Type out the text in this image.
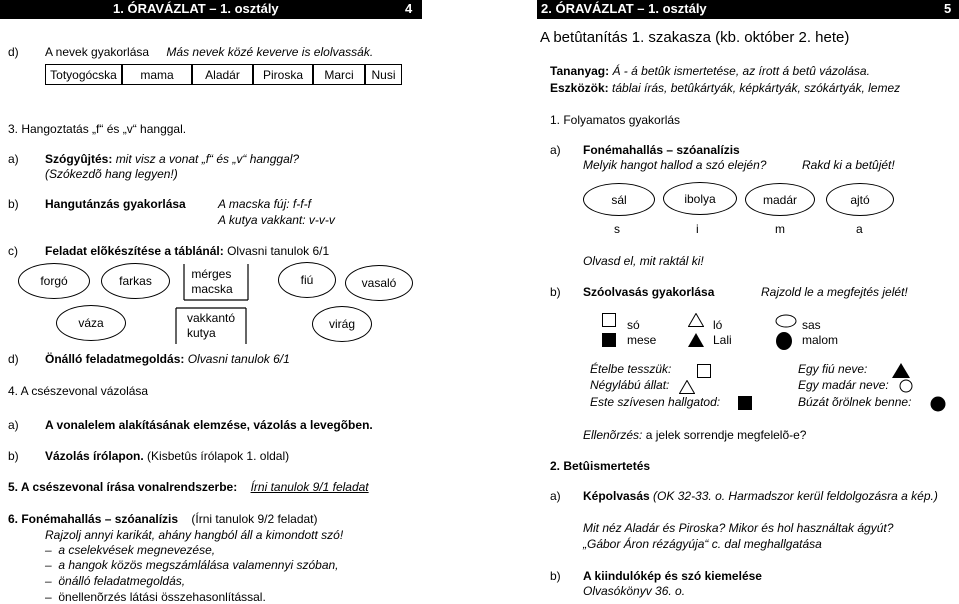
1. ÓRAVÁZLAT – 1. osztály	4
d) A nevek gyakorlása Más nevek közé keverve is elolvassák.
Totyogócska mama	Aladár Piroska Marci Nusi
3. Hangoztatás „f“ és „v“ hanggal.
a) Szógyûjtés: mit visz a vonat „f“ és „v“ hanggal?
(Szókezdõ hang legyen!)
b) Hangutánzás gyakorlása	A macska fúj: f-f-f
A kutya vakkant: v-v-v
c) Feladat elõkészítése a táblánál: Olvasni tanulok 6/1
forgó	farkas	mérges
macska
fiú	vasaló
váza	vakkantó
kutya
virág
d) Önálló feladatmegoldás: Olvasni tanulok 6/1
4. A csészevonal vázolása
a) A vonalelem alakításának elemzése, vázolás a levegõben.
b) Vázolás írólapon. (Kisbetûs írólapok 1. oldal)
5. A csészevonal írása vonalrendszerbe: Írni tanulok 9/1 feladat
6. Fonémahallás – szóanalízis (Írni tanulok 9/2 feladat)
Rajzolj annyi karikát, ahány hangból áll a kimondott szó!
–  a cselekvések megnevezése,
–  a hangok közös megszámlálása valamennyi szóban,
–  önálló feladatmegoldás,
–  önellenõrzés látási összehasonlítással.
2. ÓRAVÁZLAT – 1. osztály	5
A betûtanítás 1. szakasza (kb. október 2. hete)
Tananyag: Á - á betûk ismertetése, az írott á betû vázolása.
Eszközök: táblai írás, betûkártyák, képkártyák, szókártyák, lemez
1. Folyamatos gyakorlás
a) Fonémahallás – szóanalízis
Melyik hangot hallod a szó elején?	Rakd ki a betûjét!
sál	ibolya	madár	ajtó
s	i	m	a
Olvasd el, mit raktál ki!
b) Szóolvasás gyakorlása	Rajzold le a megfejtés jelét!
só	ló	sas
mese	Lali	malom
Ételbe tesszük:
Négylábú állat:
Este szívesen hallgatod:
Egy fiú neve:
Egy madár neve:
Búzát õrölnek benne:
Ellenõrzés: a jelek sorrendje megfelelõ-e?
2. Betûismertetés
a) Képolvasás (OK 32-33. o. Harmadszor kerül feldolgozásra a kép.)
Mit néz Aladár és Piroska? Mikor és hol használtak ágyút?
„Gábor Áron rézágyúja“ c. dal meghallgatása
b) A kiindulókép és szó kiemelése
Olvasókönyv 36. o.
